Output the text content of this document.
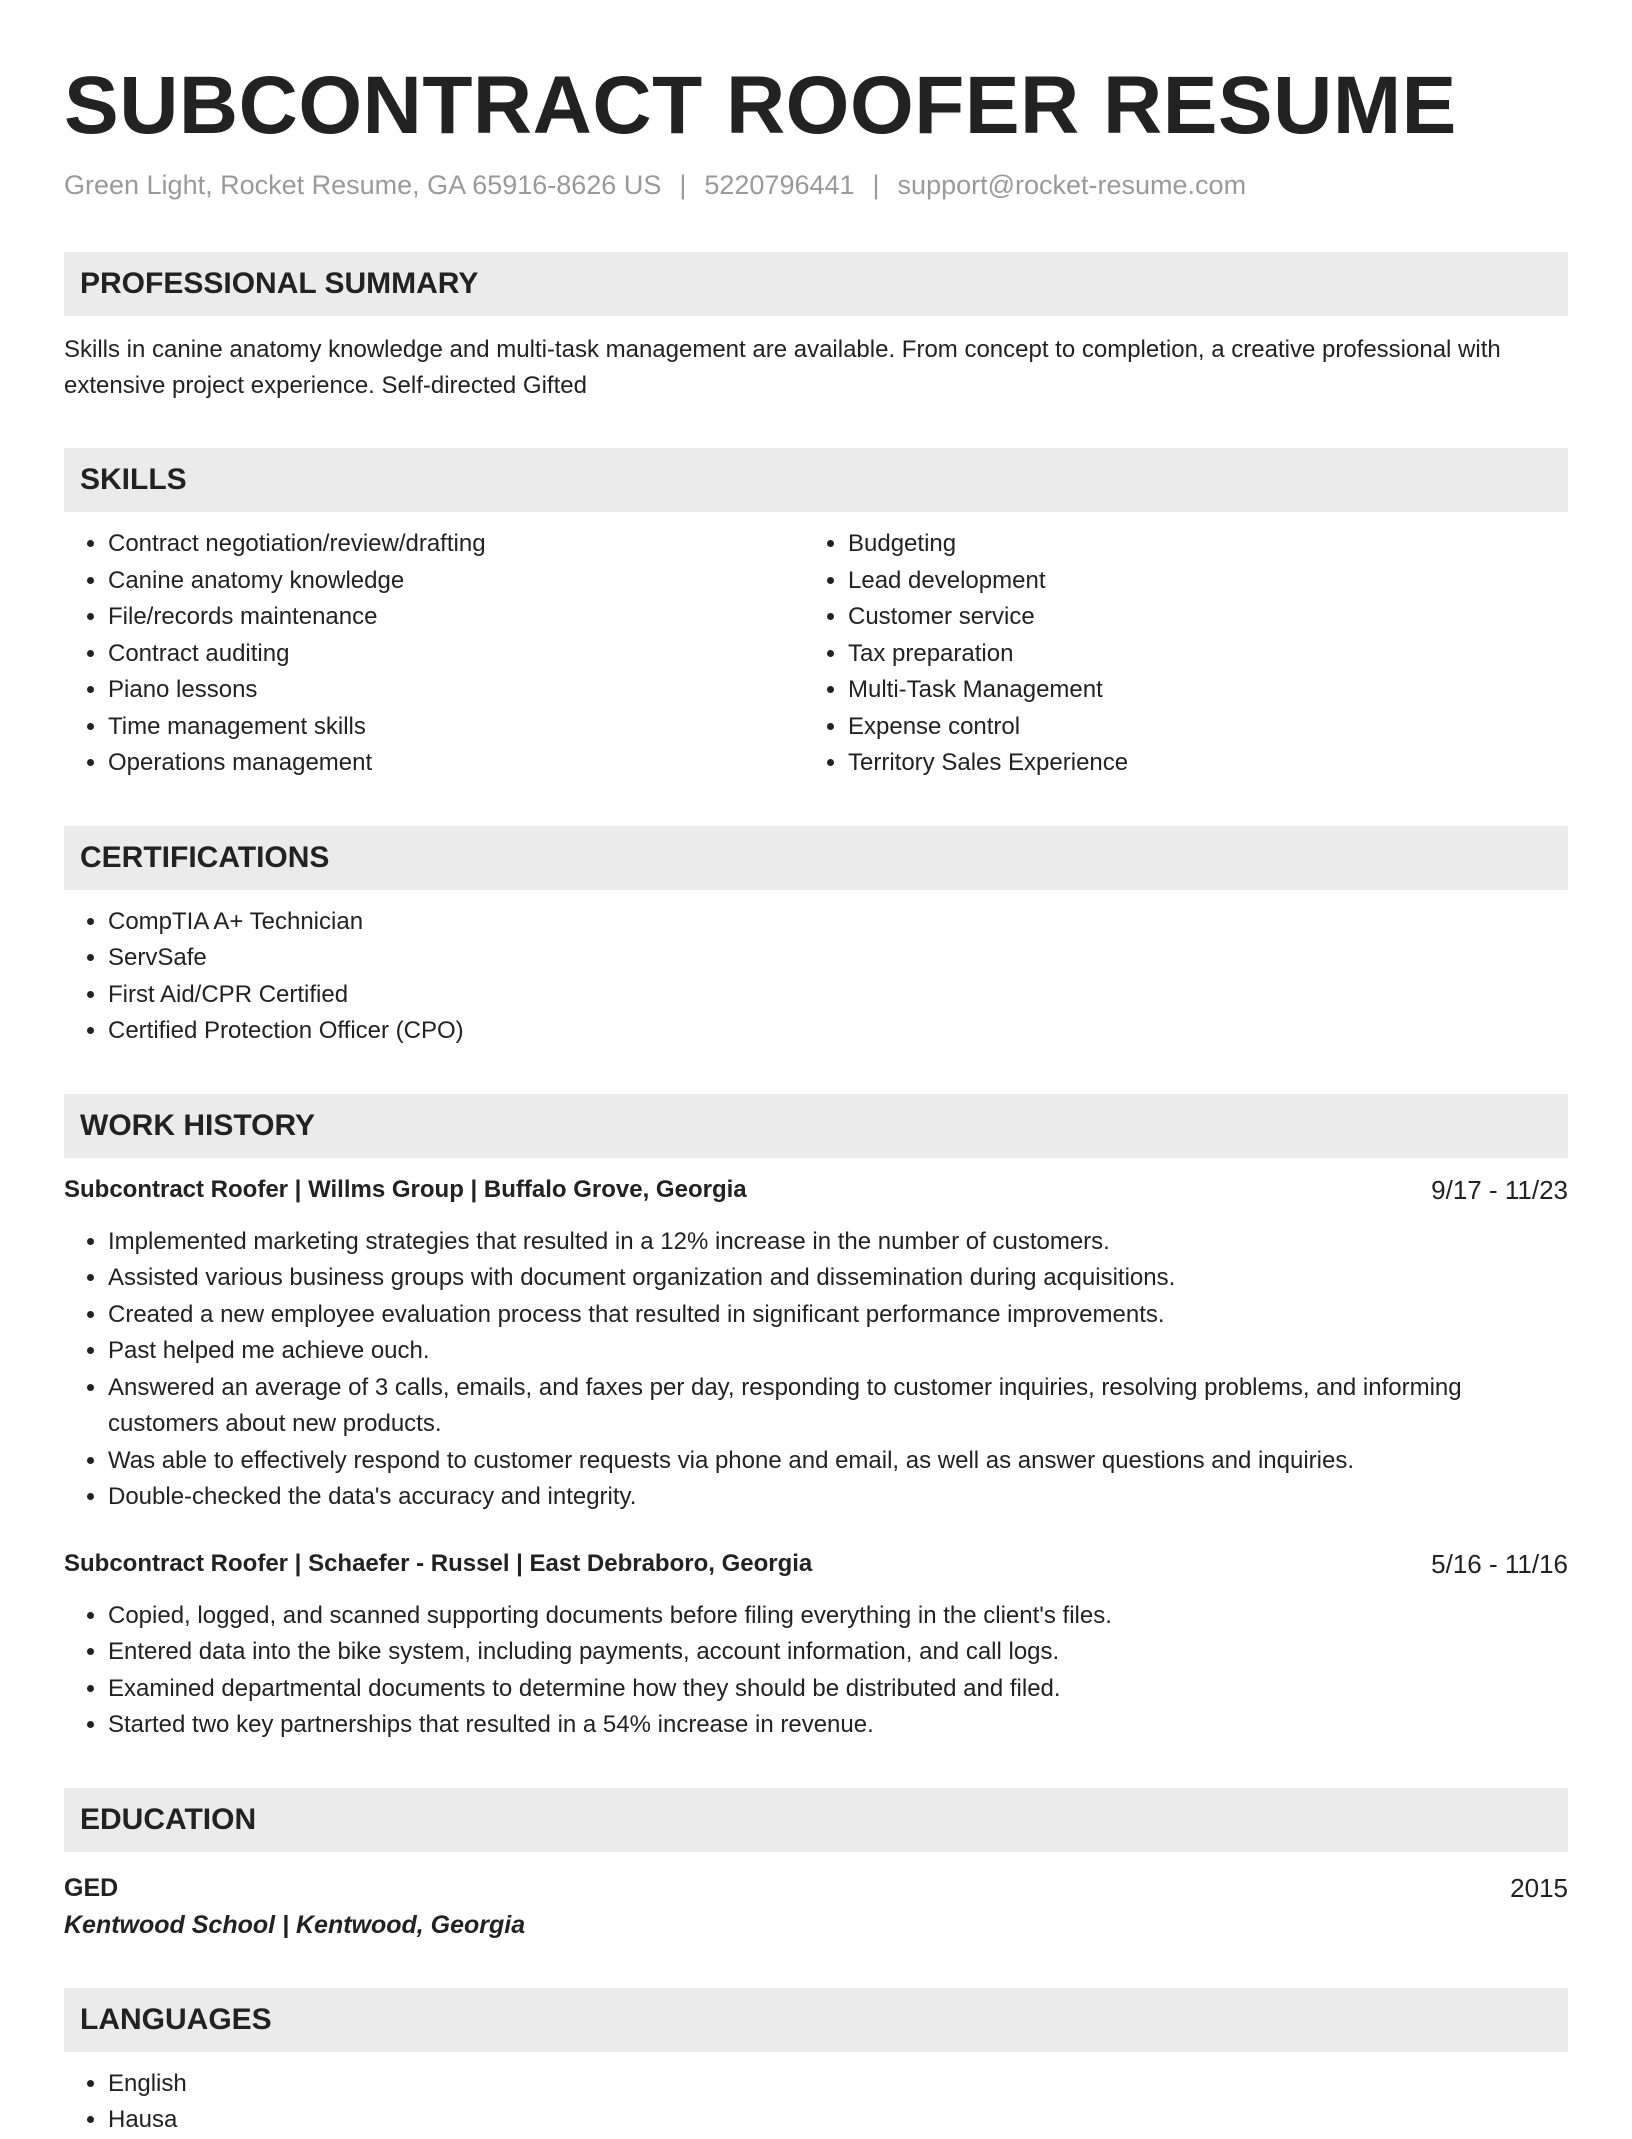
SUBCONTRACT ROOFER RESUME
Green Light, Rocket Resume, GA 65916-8626 US | 5220796441 | support@rocket-resume.com
PROFESSIONAL SUMMARY
Skills in canine anatomy knowledge and multi-task management are available. From concept to completion, a creative professional with extensive project experience. Self-directed Gifted
SKILLS
• Contract negotiation/review/drafting
• Canine anatomy knowledge
• File/records maintenance
• Contract auditing
• Piano lessons
• Time management skills
• Operations management
• Budgeting
• Lead development
• Customer service
• Tax preparation
• Multi-Task Management
• Expense control
• Territory Sales Experience
CERTIFICATIONS
• CompTIA A+ Technician
• ServSafe
• First Aid/CPR Certified
• Certified Protection Officer (CPO)
WORK HISTORY
Subcontract Roofer | Willms Group | Buffalo Grove, Georgia	9/17 - 11/23
• Implemented marketing strategies that resulted in a 12% increase in the number of customers.
• Assisted various business groups with document organization and dissemination during acquisitions.
• Created a new employee evaluation process that resulted in significant performance improvements.
• Past helped me achieve ouch.
• Answered an average of 3 calls, emails, and faxes per day, responding to customer inquiries, resolving problems, and informing customers about new products.
• Was able to effectively respond to customer requests via phone and email, as well as answer questions and inquiries.
• Double-checked the data's accuracy and integrity.
Subcontract Roofer | Schaefer - Russel | East Debraboro, Georgia	5/16 - 11/16
• Copied, logged, and scanned supporting documents before filing everything in the client's files.
• Entered data into the bike system, including payments, account information, and call logs.
• Examined departmental documents to determine how they should be distributed and filed.
• Started two key partnerships that resulted in a 54% increase in revenue.
EDUCATION
GED	2015
Kentwood School | Kentwood, Georgia
LANGUAGES
• English
• Hausa
